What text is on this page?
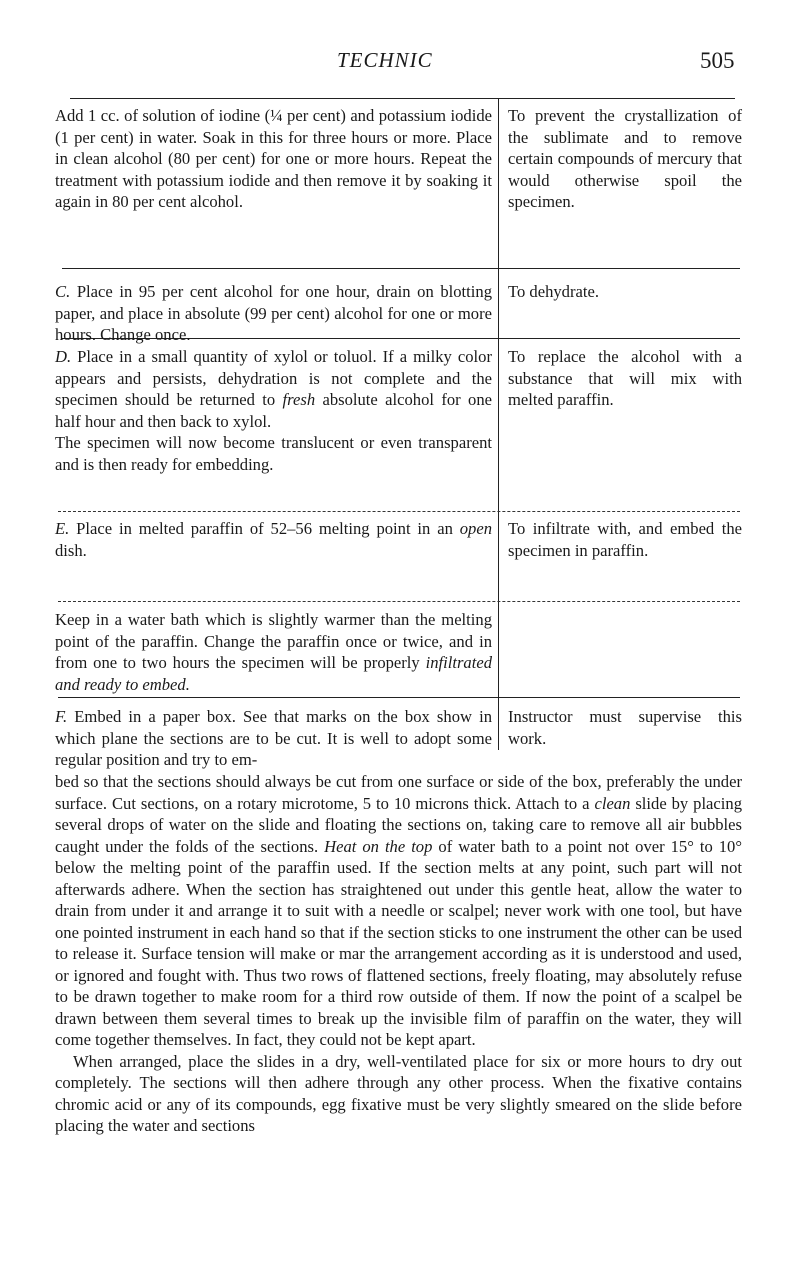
TECHNIC	505

Add 1 cc. of solution of iodine (¼ per cent) and potassium iodide (1 per cent) in water. Soak in this for three hours or more. Place in clean alcohol (80 per cent) for one or more hours. Repeat the treatment with potassium iodide and then remove it by soaking it again in 80 per cent alcohol.

To prevent the crystallization of the sublimate and to remove certain compounds of mercury that would otherwise spoil the specimen.

C. Place in 95 per cent alcohol for one hour, drain on blotting paper, and place in absolute (99 per cent) alcohol for one or more hours. Change once.

To dehydrate.

D. Place in a small quantity of xylol or toluol. If a milky color appears and persists, dehydration is not complete and the specimen should be returned to fresh absolute alcohol for one half hour and then back to xylol.

The specimen will now become translucent or even transparent and is then ready for embedding.

To replace the alcohol with a substance that will mix with melted paraffin.

E. Place in melted paraffin of 52–56 melting point in an open dish.

To infiltrate with, and embed the specimen in paraffin.

Keep in a water bath which is slightly warmer than the melting point of the paraffin. Change the paraffin once or twice, and in from one to two hours the specimen will be properly infiltrated and ready to embed.

F. Embed in a paper box. See that marks on the box show in which plane the sections are to be cut. It is well to adopt some regular position and try to em-

Instructor must supervise this work.

bed so that the sections should always be cut from one surface or side of the box, preferably the under surface. Cut sections, on a rotary microtome, 5 to 10 microns thick. Attach to a clean slide by placing several drops of water on the slide and floating the sections on, taking care to remove all air bubbles caught under the folds of the sections. Heat on the top of water bath to a point not over 15° to 10° below the melting point of the paraffin used. If the section melts at any point, such part will not afterwards adhere. When the section has straightened out under this gentle heat, allow the water to drain from under it and arrange it to suit with a needle or scalpel; never work with one tool, but have one pointed instrument in each hand so that if the section sticks to one instrument the other can be used to release it. Surface tension will make or mar the arrangement according as it is understood and used, or ignored and fought with. Thus two rows of flattened sections, freely floating, may absolutely refuse to be drawn together to make room for a third row outside of them. If now the point of a scalpel be drawn between them several times to break up the invisible film of paraffin on the water, they will come together themselves. In fact, they could not be kept apart.

When arranged, place the slides in a dry, well-ventilated place for six or more hours to dry out completely. The sections will then adhere through any other process. When the fixative contains chromic acid or any of its compounds, egg fixative must be very slightly smeared on the slide before placing the water and sections
